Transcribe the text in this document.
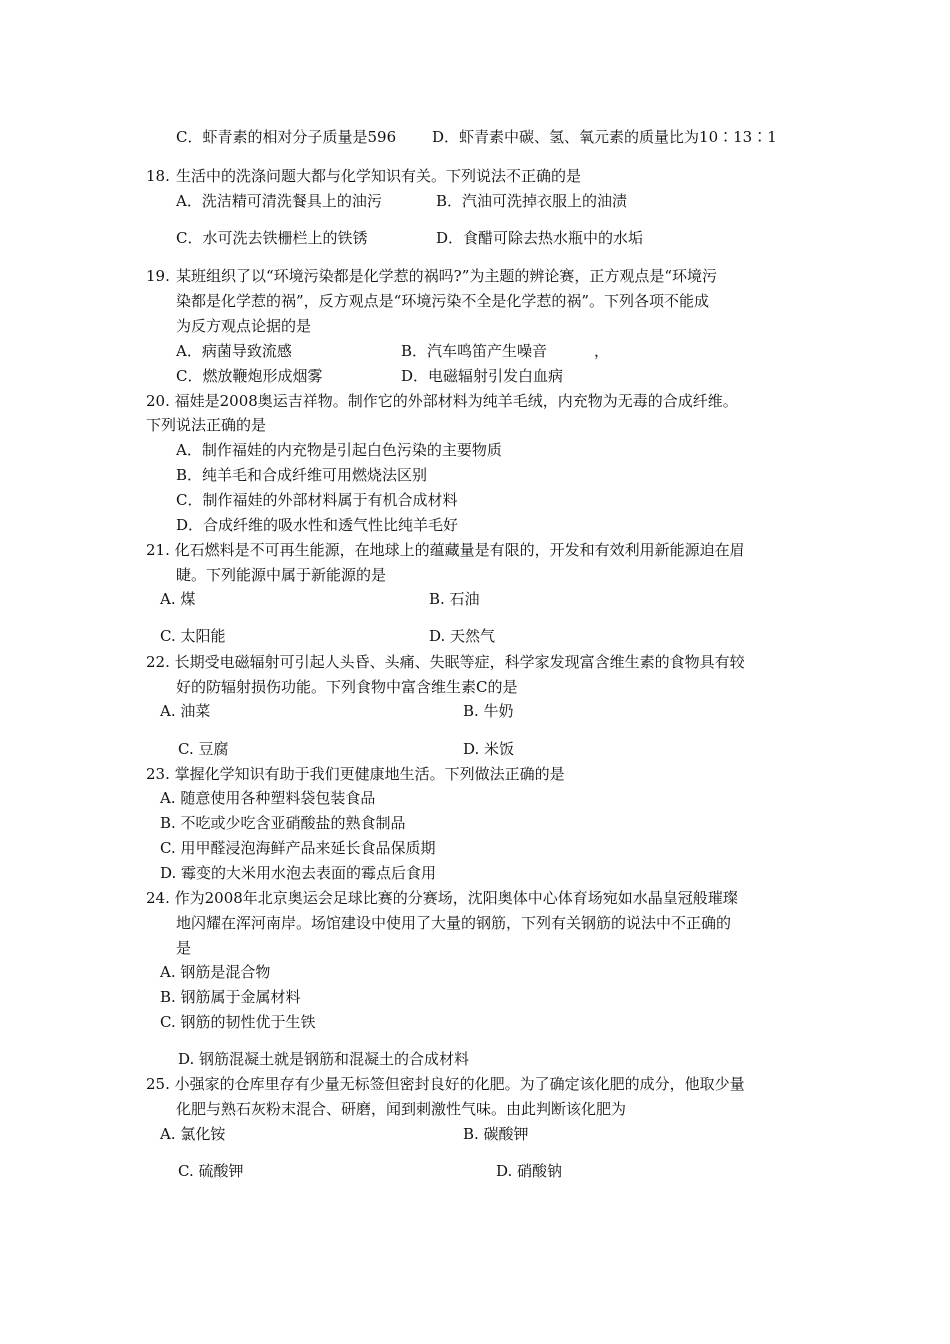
C．虾青素的相对分子质量是596 D．虾青素中碳、氢、氧元素的质量比为10∶13∶1
18. 生活中的洗涤问题大都与化学知识有关。下列说法不正确的是
A．洗洁精可清洗餐具上的油污	B．汽油可洗掉衣服上的油渍
C．水可洗去铁栅栏上的铁锈	D．食醋可除去热水瓶中的水垢
19. 某班组织了以“环境污染都是化学惹的祸吗?”为主题的辨论赛，正方观点是“环境污
染都是化学惹的祸”，反方观点是“环境污染不全是化学惹的祸”。下列各项不能成
为反方观点论据的是
A．病菌导致流感	B．汽车鸣笛产生噪音	，
C．燃放鞭炮形成烟雾	D．电磁辐射引发白血病
20. 福娃是2008奥运吉祥物。制作它的外部材料为纯羊毛绒，内充物为无毒的合成纤维。
下列说法正确的是
A．制作福娃的内充物是引起白色污染的主要物质
B．纯羊毛和合成纤维可用燃烧法区别
C．制作福娃的外部材料属于有机合成材料
D．合成纤维的吸水性和透气性比纯羊毛好
21. 化石燃料是不可再生能源，在地球上的蕴藏量是有限的，开发和有效利用新能源迫在眉
睫。下列能源中属于新能源的是
A. 煤	B. 石油
C. 太阳能	D. 天然气
22. 长期受电磁辐射可引起人头昏、头痛、失眠等症，科学家发现富含维生素的食物具有较
好的防辐射损伤功能。下列食物中富含维生素C的是
A. 油菜	B. 牛奶
C. 豆腐	D. 米饭
23. 掌握化学知识有助于我们更健康地生活。下列做法正确的是
A. 随意使用各种塑料袋包装食品
B. 不吃或少吃含亚硝酸盐的熟食制品
C. 用甲醛浸泡海鲜产品来延长食品保质期
D. 霉变的大米用水泡去表面的霉点后食用
24. 作为2008年北京奥运会足球比赛的分赛场，沈阳奥体中心体育场宛如水晶皇冠般璀璨
地闪耀在浑河南岸。场馆建设中使用了大量的钢筋，下列有关钢筋的说法中不正确的
是
A. 钢筋是混合物
B. 钢筋属于金属材料
C. 钢筋的韧性优于生铁
D. 钢筋混凝土就是钢筋和混凝土的合成材料
25. 小强家的仓库里存有少量无标签但密封良好的化肥。为了确定该化肥的成分，他取少量
化肥与熟石灰粉末混合、研磨，闻到刺激性气味。由此判断该化肥为
A. 氯化铵	B. 碳酸钾
C. 硫酸钾	D. 硝酸钠
